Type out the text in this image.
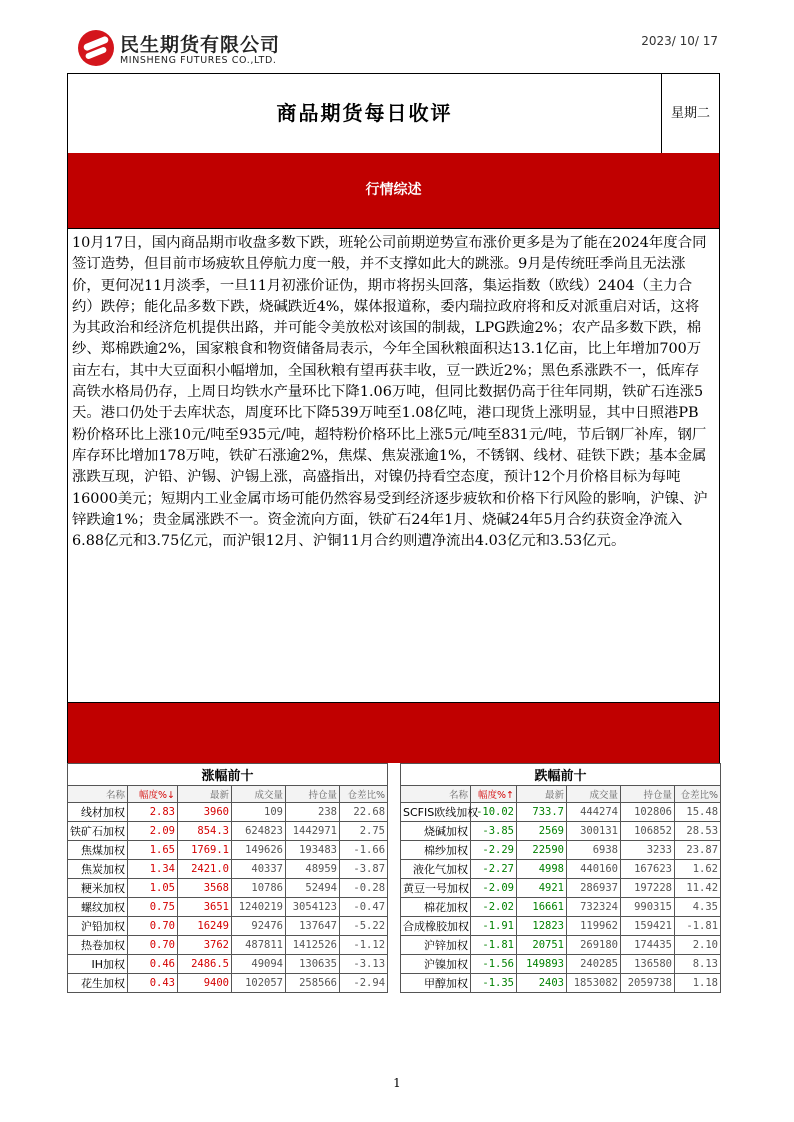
民生期货有限公司
MINSHENG FUTURES CO.,LTD.
2023/ 10/ 17
商品期货每日收评	星期二
行情综述
10月17日，国内商品期市收盘多数下跌，班轮公司前期逆势宣布涨价更多是为了能在2024年度合同签订造势，但目前市场疲软且停航力度一般，并不支撑如此大的跳涨。9月是传统旺季尚且无法涨价，更何况11月淡季，一旦11月初涨价证伪，期市将拐头回落，集运指数（欧线）2404（主力合约）跌停；能化品多数下跌，烧碱跌近4%，媒体报道称，委内瑞拉政府将和反对派重启对话，这将为其政治和经济危机提供出路，并可能令美放松对该国的制裁，LPG跌逾2%；农产品多数下跌，棉纱、郑棉跌逾2%，国家粮食和物资储备局表示，今年全国秋粮面积达13.1亿亩，比上年增加700万亩左右，其中大豆面积小幅增加，全国秋粮有望再获丰收，豆一跌近2%；黑色系涨跌不一，低库存高铁水格局仍存，上周日均铁水产量环比下降1.06万吨，但同比数据仍高于往年同期，铁矿石连涨5天。港口仍处于去库状态，周度环比下降539万吨至1.08亿吨，港口现货上涨明显，其中日照港PB粉价格环比上涨10元/吨至935元/吨，超特粉价格环比上涨5元/吨至831元/吨，节后钢厂补库，钢厂库存环比增加178万吨，铁矿石涨逾2%，焦煤、焦炭涨逾1%，不锈钢、线材、硅铁下跌；基本金属涨跌互现，沪铅、沪锡、沪锡上涨，高盛指出，对镍仍持看空态度，预计12个月价格目标为每吨16000美元；短期内工业金属市场可能仍然容易受到经济逐步疲软和价格下行风险的影响，沪镍、沪锌跌逾1%；贵金属涨跌不一。资金流向方面，铁矿石24年1月、烧碱24年5月合约获资金净流入6.88亿元和3.75亿元，而沪银12月、沪铜11月合约则遭净流出4.03亿元和3.53亿元。
涨幅前十					
名称	幅度%↓	最新	成交量	持仓量	仓差比%
线材加权	2.83	3960	109	238	22.68
铁矿石加权	2.09	854.3	624823	1442971	2.75
焦煤加权	1.65	1769.1	149626	193483	-1.66
焦炭加权	1.34	2421.0	40337	48959	-3.87
粳米加权	1.05	3568	10786	52494	-0.28
螺纹加权	0.75	3651	1240219	3054123	-0.47
沪铅加权	0.70	16249	92476	137647	-5.22
热卷加权	0.70	3762	487811	1412526	-1.12
IH加权	0.46	2486.5	49094	130635	-3.13
花生加权	0.43	9400	102057	258566	-2.94
跌幅前十					
名称	幅度%↑	最新	成交量	持仓量	仓差比%
SCFIS欧线加权	-10.02	733.7	444274	102806	15.48
烧碱加权	-3.85	2569	300131	106852	28.53
棉纱加权	-2.29	22590	6938	3233	23.87
液化气加权	-2.27	4998	440160	167623	1.62
黄豆一号加权	-2.09	4921	286937	197228	11.42
棉花加权	-2.02	16661	732324	990315	4.35
合成橡胶加权	-1.91	12823	119962	159421	-1.81
沪锌加权	-1.81	20751	269180	174435	2.10
沪镍加权	-1.56	149893	240285	136580	8.13
甲醇加权	-1.35	2403	1853082	2059738	1.18
1
